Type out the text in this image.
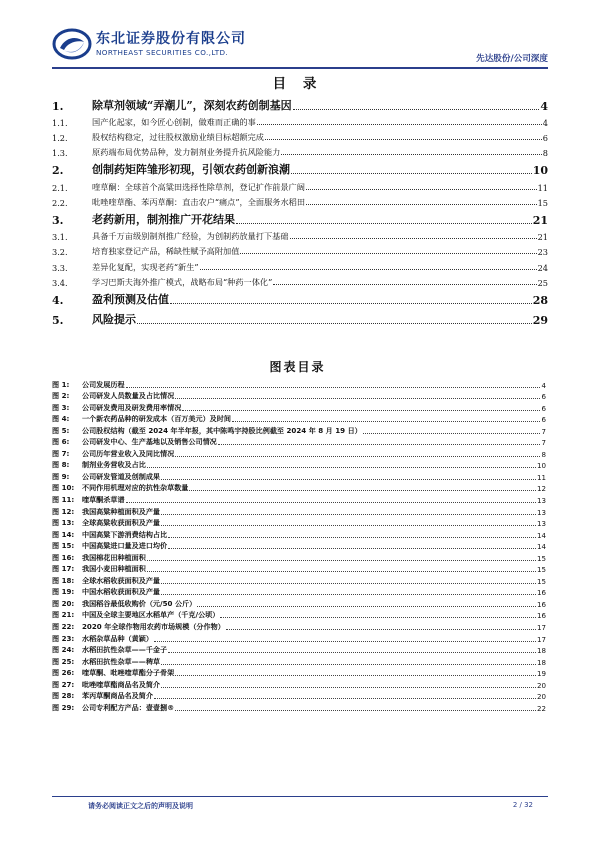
东北证券股份有限公司
NORTHEAST SECURITIES CO.,LTD.
先达股份/公司深度
目 录
1.	除草剂领域“弄潮儿”，深刻农药创制基因	4
1.1.	国产化起家，如今匠心创制，做难而正确的事	4
1.2.	股权结构稳定，过往股权激励业绩目标超额完成	6
1.3.	原药端布局优势品种，发力制剂业务提升抗风险能力	8
2.	创制药矩阵雏形初现，引领农药创新浪潮	10
2.1.	喹草酮：全球首个高粱田选择性除草剂，登记扩作前景广阔	11
2.2.	吡唑喹草酯、苯丙草酮：直击农户“痛点”，全面服务水稻田	15
3.	老药新用，制剂推广开花结果	21
3.1.	具备千万亩级别制剂推广经验，为创制药放量打下基础	21
3.2.	培育独家登记产品，稀缺性赋予高附加值	23
3.3.	差异化复配，实现老药“新生”	24
3.4.	学习巴斯夫海外推广模式，战略布局“种药一体化”	25
4.	盈利预测及估值	28
5.	风险提示	29
图表目录
图 1:	公司发展历程	4
图 2:	公司研发人员数量及占比情况	6
图 3:	公司研发费用及研发费用率情况	6
图 4:	一个新农药品种的研发成本（百万美元）及时间	6
图 5:	公司股权结构（截至 2024 年半年报，其中陈鸣宇持股比例截至 2024 年 8 月 19 日）	7
图 6:	公司研发中心、生产基地以及销售公司情况	7
图 7:	公司历年营业收入及同比情况	8
图 8:	制剂业务营收及占比	10
图 9:	公司研发管道及创制成果	11
图 10:	不同作用机理对应的抗性杂草数量	12
图 11:	喹草酮杀草谱	13
图 12:	我国高粱种植面积及产量	13
图 13:	全球高粱收获面积及产量	13
图 14:	中国高粱下游消费结构占比	14
图 15:	中国高粱进口量及进口均价	14
图 16:	我国棉花田种植面积	15
图 17:	我国小麦田种植面积	15
图 18:	全球水稻收获面积及产量	15
图 19:	中国水稻收获面积及产量	16
图 20:	我国稻谷最低收购价（元/50 公斤）	16
图 21:	中国及全球主要地区水稻单产（千克/公顷）	16
图 22:	2020 年全球作物用农药市场规模（分作物）	17
图 23:	水稻杂草品种（黄颖）	17
图 24:	水稻田抗性杂草——千金子	18
图 25:	水稻田抗性杂草——稗草	18
图 26:	喹草酮、吡唑喹草酯分子骨架	19
图 27:	吡唑喹草酯商品名及简介	20
图 28:	苯丙草酮商品名及简介	20
图 29:	公司专利配方产品：壹壹捌®	22
请务必阅读正文之后的声明及说明	2 / 32
